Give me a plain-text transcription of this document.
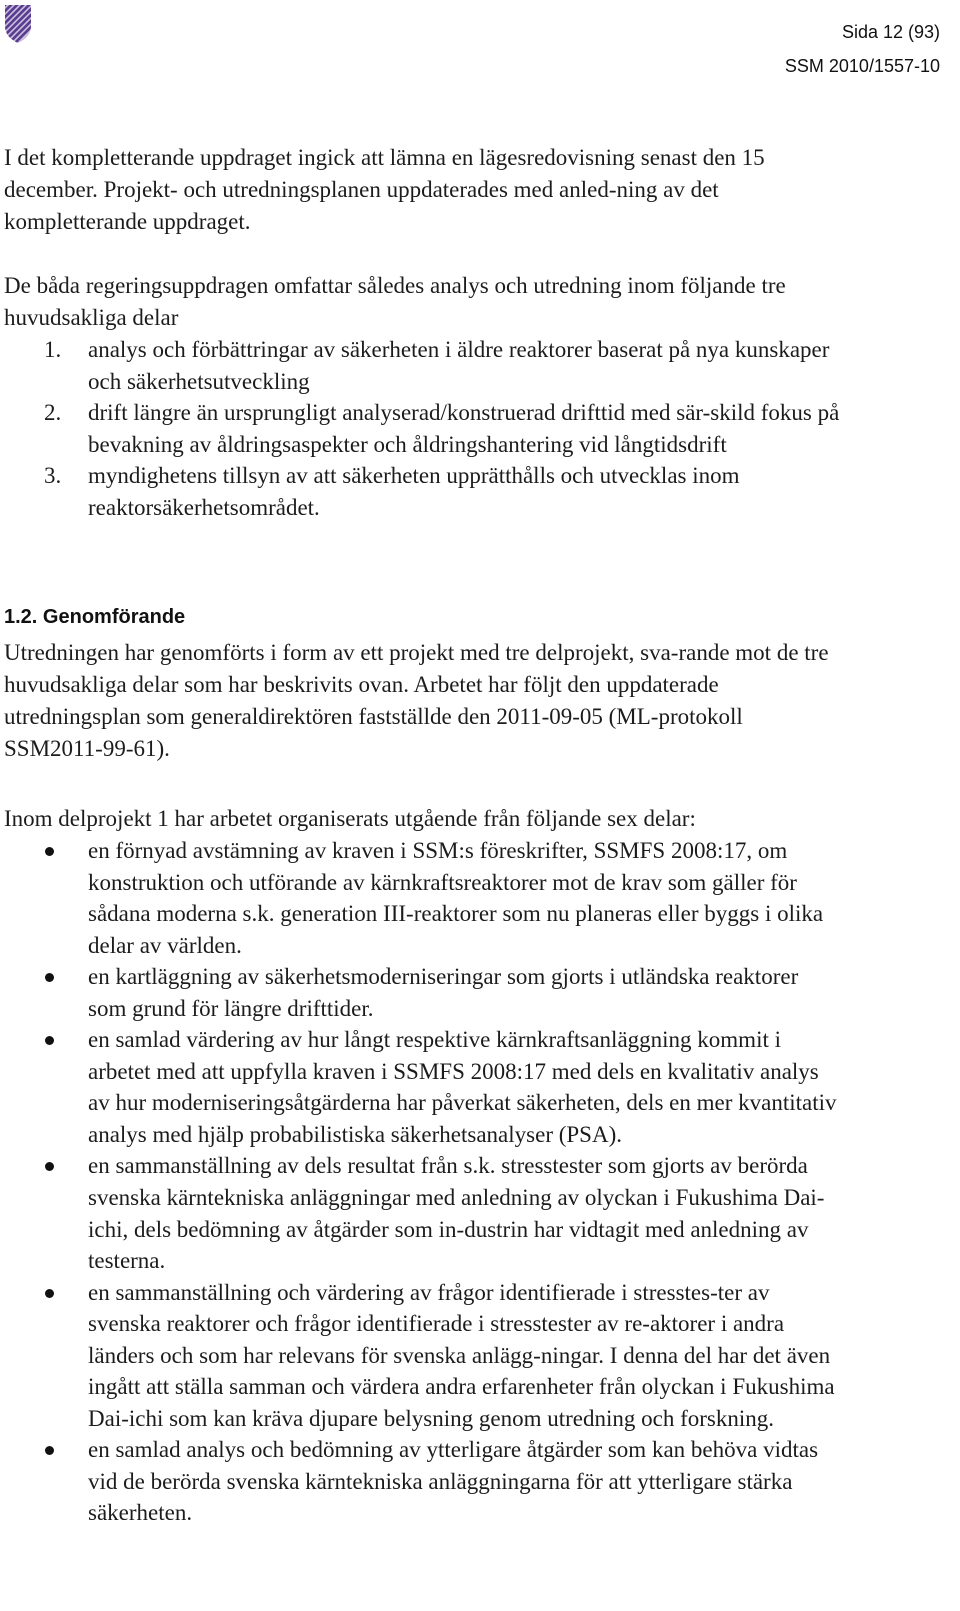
Sida 12 (93)
SSM 2010/1557-10

I det kompletterande uppdraget ingick att lämna en lägesredovisning senast den 15 december. Projekt- och utredningsplanen uppdaterades med anled-ning av det kompletterande uppdraget.

De båda regeringsuppdragen omfattar således analys och utredning inom följande tre huvudsakliga delar

1. analys och förbättringar av säkerheten i äldre reaktorer baserat på nya kunskaper och säkerhetsutveckling
2. drift längre än ursprungligt analyserad/konstruerad drifttid med sär-skild fokus på bevakning av åldringsaspekter och åldringshantering vid långtidsdrift
3. myndighetens tillsyn av att säkerheten upprätthålls och utvecklas inom reaktorsäkerhetsområdet.
1.2. Genomförande

Utredningen har genomförts i form av ett projekt med tre delprojekt, sva-rande mot de tre huvudsakliga delar som har beskrivits ovan. Arbetet har följt den uppdaterade utredningsplan som generaldirektören fastställde den 2011-09-05 (ML-protokoll SSM2011-99-61).

Inom delprojekt 1 har arbetet organiserats utgående från följande sex delar:

en förnyad avstämning av kraven i SSM:s föreskrifter, SSMFS 2008:17, om konstruktion och utförande av kärnkraftsreaktorer mot de krav som gäller för sådana moderna s.k. generation III-reaktorer som nu planeras eller byggs i olika delar av världen.
en kartläggning av säkerhetsmoderniseringar som gjorts i utländska reaktorer som grund för längre drifttider.
en samlad värdering av hur långt respektive kärnkraftsanläggning kommit i arbetet med att uppfylla kraven i SSMFS 2008:17 med dels en kvalitativ analys av hur moderniseringsåtgärderna har påverkat säkerheten, dels en mer kvantitativ analys med hjälp probabilistiska säkerhetsanalyser (PSA).
en sammanställning av dels resultat från s.k. stresstester som gjorts av berörda svenska kärntekniska anläggningar med anledning av olyckan i Fukushima Dai-ichi, dels bedömning av åtgärder som in-dustrin har vidtagit med anledning av testerna.
en sammanställning och värdering av frågor identifierade i stresstes-ter av svenska reaktorer och frågor identifierade i stresstester av re-aktorer i andra länders och som har relevans för svenska anlägg-ningar. I denna del har det även ingått att ställa samman och värdera andra erfarenheter från olyckan i Fukushima Dai-ichi som kan kräva djupare belysning genom utredning och forskning.
en samlad analys och bedömning av ytterligare åtgärder som kan behöva vidtas vid de berörda svenska kärntekniska anläggningarna för att ytterligare stärka säkerheten.
